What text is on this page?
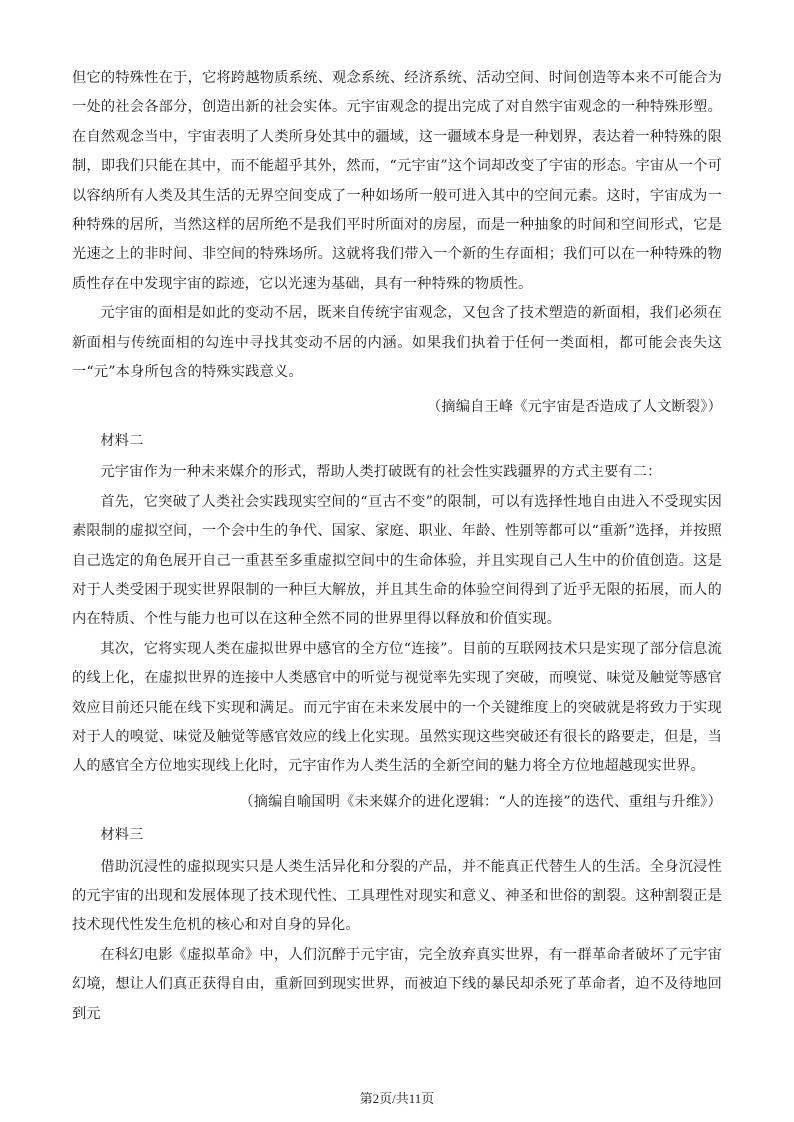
但它的特殊性在于，它将跨越物质系统、观念系统、经济系统、活动空间、时间创造等本来不可能合为一处的社会各部分，创造出新的社会实体。元宇宙观念的提出完成了对自然宇宙观念的一种特殊形塑。在自然观念当中，宇宙表明了人类所身处其中的疆域，这一疆域本身是一种划界，表达着一种特殊的限制，即我们只能在其中，而不能超乎其外，然而，“元宇宙”这个词却改变了宇宙的形态。宇宙从一个可以容纳所有人类及其生活的无界空间变成了一种如场所一般可进入其中的空间元素。这时，宇宙成为一种特殊的居所，当然这样的居所绝不是我们平时所面对的房屋，而是一种抽象的时间和空间形式，它是光速之上的非时间、非空间的特殊场所。这就将我们带入一个新的生存面相；我们可以在一种特殊的物质性存在中发现宇宙的踪迹，它以光速为基础，具有一种特殊的物质性。

元宇宙的面相是如此的变动不居，既来自传统宇宙观念，又包含了技术塑造的新面相，我们必须在新面相与传统面相的勾连中寻找其变动不居的内涵。如果我们执着于任何一类面相，都可能会丧失这一“元”本身所包含的特殊实践意义。

（摘编自王峰《元宇宙是否造成了人文断裂》）

材料二

元宇宙作为一种未来媒介的形式，帮助人类打破既有的社会性实践疆界的方式主要有二：

首先，它突破了人类社会实践现实空间的“亘古不变”的限制，可以有选择性地自由进入不受现实因素限制的虚拟空间，一个会中生的争代、国家、家庭、职业、年龄、性别等都可以“重新”选择，并按照自己选定的角色展开自己一重甚至多重虚拟空间中的生命体验，并且实现自己人生中的价值创造。这是对于人类受困于现实世界限制的一种巨大解放，并且其生命的体验空间得到了近乎无限的拓展，而人的内在特质、个性与能力也可以在这种全然不同的世界里得以释放和价值实现。

其次，它将实现人类在虚拟世界中感官的全方位“连接”。目前的互联网技术只是实现了部分信息流的线上化，在虚拟世界的连接中人类感官中的听觉与视觉率先实现了突破，而嗅觉、味觉及触觉等感官效应目前还只能在线下实现和满足。而元宇宙在未来发展中的一个关键维度上的突破就是将致力于实现对于人的嗅觉、味觉及触觉等感官效应的线上化实现。虽然实现这些突破还有很长的路要走，但是，当人的感官全方位地实现线上化时，元宇宙作为人类生活的全新空间的魅力将全方位地超越现实世界。

（摘编自喻国明《未来媒介的进化逻辑：“人的连接”的迭代、重组与升维》）

材料三

借助沉浸性的虚拟现实只是人类生活异化和分裂的产品，并不能真正代替生人的生活。全身沉浸性的元宇宙的出现和发展体现了技术现代性、工具理性对现实和意义、神圣和世俗的割裂。这种割裂正是技术现代性发生危机的核心和对自身的异化。

在科幻电影《虚拟革命》中，人们沉醉于元宇宙，完全放弃真实世界，有一群革命者破坏了元宇宙幻境，想让人们真正获得自由，重新回到现实世界，而被迫下线的暴民却杀死了革命者，迫不及待地回到元

第2页/共11页
